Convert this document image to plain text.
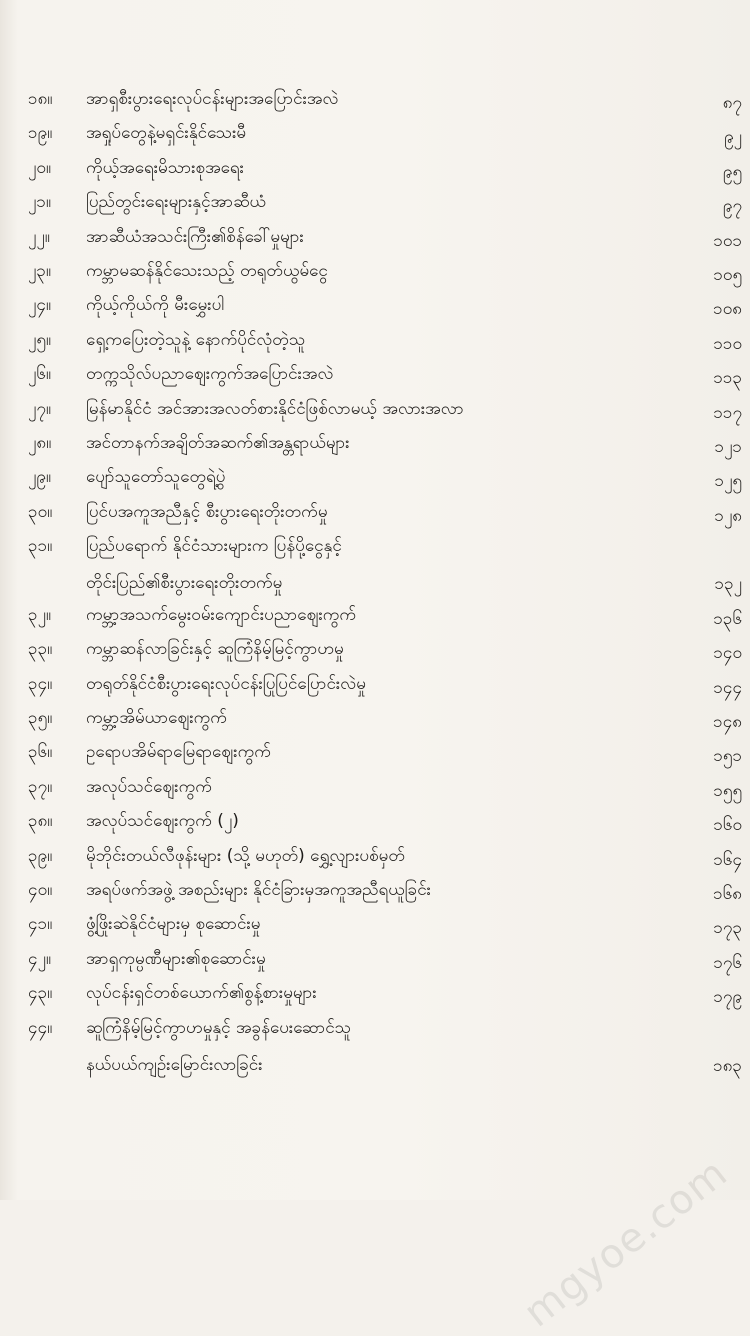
၁၈။	အာရှစီးပွားရေးလုပ်ငန်းများအပြောင်းအလဲ	၈၇
၁၉။	အရှုပ်တွေနဲ့မရှင်းနိုင်သေးမီ	၉၂
၂၀။	ကိုယ့်အရေးမိသားစုအရေး	၉၅
၂၁။	ပြည်တွင်းရေးများနှင့်အာဆီယံ	၉၇
၂၂။	အာဆီယံအသင်းကြီး၏စိန်ခေါ်မှုများ	၁၀၁
၂၃။	ကမ္ဘာမဆန်နိုင်သေးသည့် တရုတ်ယွမ်ငွေ	၁၀၅
၂၄။	ကိုယ့်ကိုယ်ကို မီးမွှေးပါ	၁၀၈
၂၅။	ရှေ့ကပြေးတဲ့သူနဲ့ နောက်ပိုင်လုံတဲ့သူ	၁၁၀
၂၆။	တက္ကသိုလ်ပညာဈေးကွက်အပြောင်းအလဲ	၁၁၃
၂၇။	မြန်မာနိုင်ငံ အင်အားအလတ်စားနိုင်ငံဖြစ်လာမယ့် အလားအလာ	၁၁၇
၂၈။	အင်တာနက်အချိတ်အဆက်၏အန္တရာယ်များ	၁၂၁
၂၉။	ပျော်သူတော်သူတွေရဲ့ပွဲ	၁၂၅
၃၀။	ပြင်ပအကူအညီနှင့် စီးပွားရေးတိုးတက်မှု	၁၂၈
၃၁။	ပြည်ပရောက် နိုင်ငံသားများက ပြန်ပို့ငွေနှင့်
တိုင်းပြည်၏စီးပွားရေးတိုးတက်မှု	၁၃၂
၃၂။	ကမ္ဘာ့အသက်မွေးဝမ်းကျောင်းပညာဈေးကွက်	၁၃၆
၃၃။	ကမ္ဘာဆန်လာခြင်းနှင့် ဆူကြံနိမ့်မြင့်ကွာဟမှု	၁၄၀
၃၄။	တရုတ်နိုင်ငံစီးပွားရေးလုပ်ငန်းပြုပြင်ပြောင်းလဲမှု	၁၄၄
၃၅။	ကမ္ဘာ့အိမ်ယာဈေးကွက်	၁၄၈
၃၆။	ဥရောပအိမ်ရာမြေရာဈေးကွက်	၁၅၁
၃၇။	အလုပ်သင်ဈေးကွက်	၁၅၅
၃၈။	အလုပ်သင်ဈေးကွက် (၂)	၁၆၀
၃၉။	မိုဘိုင်းတယ်လီဖုန်းများ (သို့ မဟုတ်) ရွှေ့လျားပစ်မှတ်	၁၆၄
၄၀။	အရပ်ဖက်အဖွဲ့ အစည်းများ နိုင်ငံခြားမှအကူအညီရယူခြင်း	၁၆၈
၄၁။	ဖွံ့ဖြိုးဆဲနိုင်ငံများမှ စုဆောင်းမှု	၁၇၃
၄၂။	အာရှကုမ္ပဏီများ၏စုဆောင်းမှု	၁၇၆
၄၃။	လုပ်ငန်းရှင်တစ်ယောက်၏စွန့်စားမှုများ	၁၇၉
၄၄။	ဆူကြံနိမ့်မြင့်ကွာဟမှုနှင့် အခွန်ပေးဆောင်သူ
နယ်ပယ်ကျဉ်းမြောင်းလာခြင်း	၁၈၃
mgyoe.com
